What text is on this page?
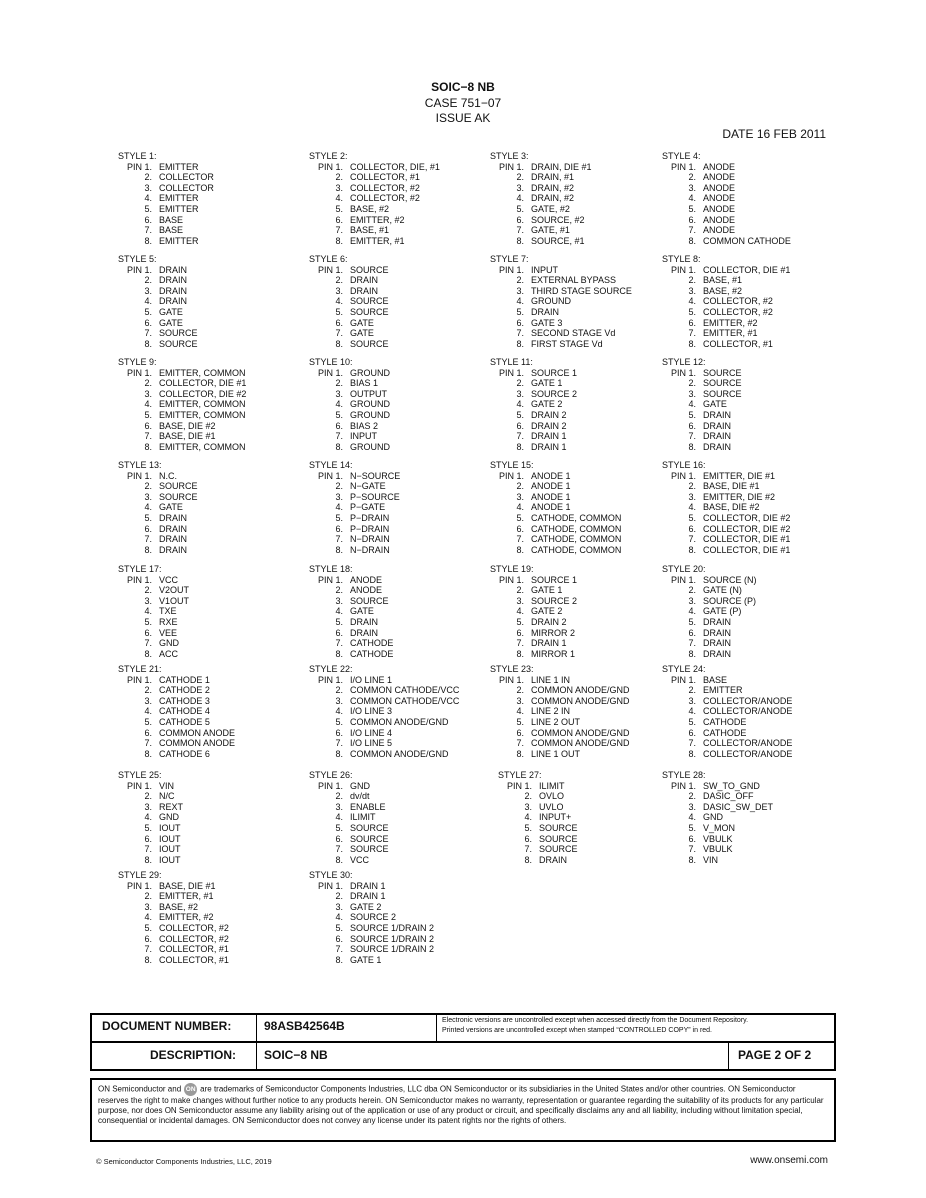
SOIC−8 NB
CASE 751−07
ISSUE AK
DATE 16 FEB 2011
STYLE 1:
PIN 1. EMITTER
2. COLLECTOR
3. COLLECTOR
4. EMITTER
5. EMITTER
6. BASE
7. BASE
8. EMITTER
STYLE 2:
PIN 1. COLLECTOR, DIE, #1
2. COLLECTOR, #1
3. COLLECTOR, #2
4. COLLECTOR, #2
5. BASE, #2
6. EMITTER, #2
7. BASE, #1
8. EMITTER, #1
STYLE 3:
PIN 1. DRAIN, DIE #1
2. DRAIN, #1
3. DRAIN, #2
4. DRAIN, #2
5. GATE, #2
6. SOURCE, #2
7. GATE, #1
8. SOURCE, #1
STYLE 4:
PIN 1. ANODE
2. ANODE
3. ANODE
4. ANODE
5. ANODE
6. ANODE
7. ANODE
8. COMMON CATHODE
STYLE 5:
PIN 1. DRAIN
2. DRAIN
3. DRAIN
4. DRAIN
5. GATE
6. GATE
7. SOURCE
8. SOURCE
STYLE 6:
PIN 1. SOURCE
2. DRAIN
3. DRAIN
4. SOURCE
5. SOURCE
6. GATE
7. GATE
8. SOURCE
STYLE 7:
PIN 1. INPUT
2. EXTERNAL BYPASS
3. THIRD STAGE SOURCE
4. GROUND
5. DRAIN
6. GATE 3
7. SECOND STAGE Vd
8. FIRST STAGE Vd
STYLE 8:
PIN 1. COLLECTOR, DIE #1
2. BASE, #1
3. BASE, #2
4. COLLECTOR, #2
5. COLLECTOR, #2
6. EMITTER, #2
7. EMITTER, #1
8. COLLECTOR, #1
STYLE 9:
PIN 1. EMITTER, COMMON
2. COLLECTOR, DIE #1
3. COLLECTOR, DIE #2
4. EMITTER, COMMON
5. EMITTER, COMMON
6. BASE, DIE #2
7. BASE, DIE #1
8. EMITTER, COMMON
STYLE 10:
PIN 1. GROUND
2. BIAS 1
3. OUTPUT
4. GROUND
5. GROUND
6. BIAS 2
7. INPUT
8. GROUND
STYLE 11:
PIN 1. SOURCE 1
2. GATE 1
3. SOURCE 2
4. GATE 2
5. DRAIN 2
6. DRAIN 2
7. DRAIN 1
8. DRAIN 1
STYLE 12:
PIN 1. SOURCE
2. SOURCE
3. SOURCE
4. GATE
5. DRAIN
6. DRAIN
7. DRAIN
8. DRAIN
STYLE 13:
PIN 1. N.C.
2. SOURCE
3. SOURCE
4. GATE
5. DRAIN
6. DRAIN
7. DRAIN
8. DRAIN
STYLE 14:
PIN 1. N−SOURCE
2. N−GATE
3. P−SOURCE
4. P−GATE
5. P−DRAIN
6. P−DRAIN
7. N−DRAIN
8. N−DRAIN
STYLE 15:
PIN 1. ANODE 1
2. ANODE 1
3. ANODE 1
4. ANODE 1
5. CATHODE, COMMON
6. CATHODE, COMMON
7. CATHODE, COMMON
8. CATHODE, COMMON
STYLE 16:
PIN 1. EMITTER, DIE #1
2. BASE, DIE #1
3. EMITTER, DIE #2
4. BASE, DIE #2
5. COLLECTOR, DIE #2
6. COLLECTOR, DIE #2
7. COLLECTOR, DIE #1
8. COLLECTOR, DIE #1
STYLE 17:
PIN 1. VCC
2. V2OUT
3. V1OUT
4. TXE
5. RXE
6. VEE
7. GND
8. ACC
STYLE 18:
PIN 1. ANODE
2. ANODE
3. SOURCE
4. GATE
5. DRAIN
6. DRAIN
7. CATHODE
8. CATHODE
STYLE 19:
PIN 1. SOURCE 1
2. GATE 1
3. SOURCE 2
4. GATE 2
5. DRAIN 2
6. MIRROR 2
7. DRAIN 1
8. MIRROR 1
STYLE 20:
PIN 1. SOURCE (N)
2. GATE (N)
3. SOURCE (P)
4. GATE (P)
5. DRAIN
6. DRAIN
7. DRAIN
8. DRAIN
STYLE 21:
PIN 1. CATHODE 1
2. CATHODE 2
3. CATHODE 3
4. CATHODE 4
5. CATHODE 5
6. COMMON ANODE
7. COMMON ANODE
8. CATHODE 6
STYLE 22:
PIN 1. I/O LINE 1
2. COMMON CATHODE/VCC
3. COMMON CATHODE/VCC
4. I/O LINE 3
5. COMMON ANODE/GND
6. I/O LINE 4
7. I/O LINE 5
8. COMMON ANODE/GND
STYLE 23:
PIN 1. LINE 1 IN
2. COMMON ANODE/GND
3. COMMON ANODE/GND
4. LINE 2 IN
5. LINE 2 OUT
6. COMMON ANODE/GND
7. COMMON ANODE/GND
8. LINE 1 OUT
STYLE 24:
PIN 1. BASE
2. EMITTER
3. COLLECTOR/ANODE
4. COLLECTOR/ANODE
5. CATHODE
6. CATHODE
7. COLLECTOR/ANODE
8. COLLECTOR/ANODE
STYLE 25:
PIN 1. VIN
2. N/C
3. REXT
4. GND
5. IOUT
6. IOUT
7. IOUT
8. IOUT
STYLE 26:
PIN 1. GND
2. dv/dt
3. ENABLE
4. ILIMIT
5. SOURCE
6. SOURCE
7. SOURCE
8. VCC
STYLE 27:
PIN 1. ILIMIT
2. OVLO
3. UVLO
4. INPUT+
5. SOURCE
6. SOURCE
7. SOURCE
8. DRAIN
STYLE 28:
PIN 1. SW_TO_GND
2. DASIC_OFF
3. DASIC_SW_DET
4. GND
5. V_MON
6. VBULK
7. VBULK
8. VIN
STYLE 29:
PIN 1. BASE, DIE #1
2. EMITTER, #1
3. BASE, #2
4. EMITTER, #2
5. COLLECTOR, #2
6. COLLECTOR, #2
7. COLLECTOR, #1
8. COLLECTOR, #1
STYLE 30:
PIN 1. DRAIN 1
2. DRAIN 1
3. GATE 2
4. SOURCE 2
5. SOURCE 1/DRAIN 2
6. SOURCE 1/DRAIN 2
7. SOURCE 1/DRAIN 2
8. GATE 1
DOCUMENT NUMBER:	98ASB42564B	Electronic versions are uncontrolled except when accessed directly from the Document Repository.
Printed versions are uncontrolled except when stamped “CONTROLLED COPY” in red.
DESCRIPTION: SOIC−8 NB	PAGE 2 OF 2
ON Semiconductor and ON are trademarks of Semiconductor Components Industries, LLC dba ON Semiconductor or its subsidiaries in the United States and/or other countries. ON Semiconductor reserves the right to make changes without further notice to any products herein. ON Semiconductor makes no warranty, representation or guarantee regarding the suitability of its products for any particular purpose, nor does ON Semiconductor assume any liability arising out of the application or use of any product or circuit, and specifically disclaims any and all liability, including without limitation special, consequential or incidental damages. ON Semiconductor does not convey any license under its patent rights nor the rights of others.
© Semiconductor Components Industries, LLC, 2019	www.onsemi.com
